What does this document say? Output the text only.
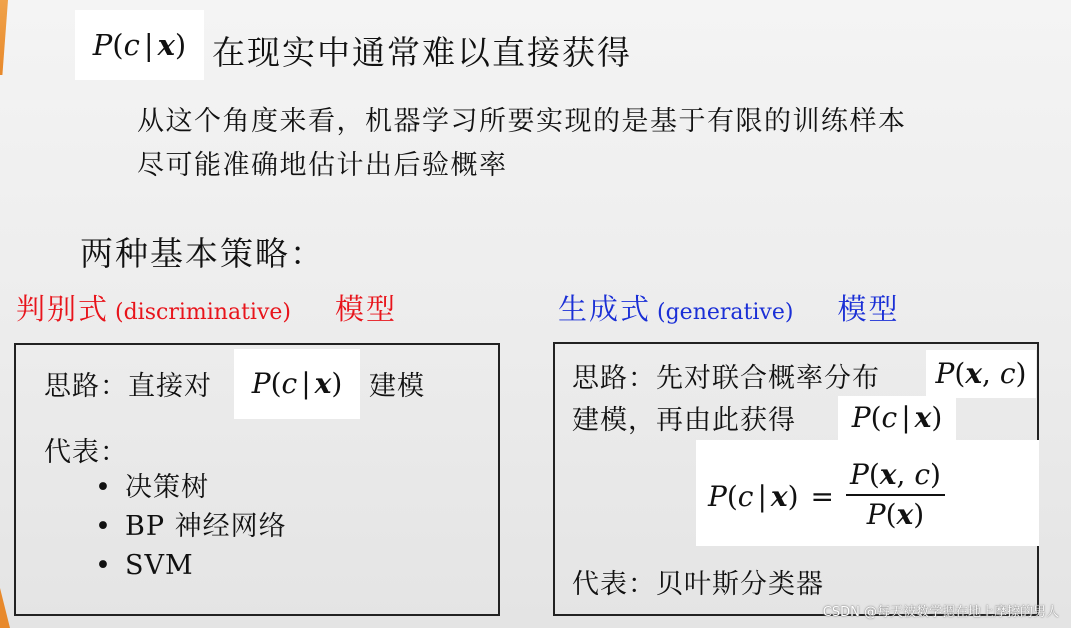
P(c | x) 在现实中通常难以直接获得
从这个角度来看，机器学习所要实现的是基于有限的训练样本
尽可能准确地估计出后验概率
两种基本策略：
判别式 (discriminative) 模型	生成式 (generative) 模型
思路：直接对	P(c | x) 建模
代表：
• 决策树
• BP 神经网络
• SVM
思路：先对联合概率分布	P(x, c)
建模，再由此获得	P(c | x)
P(c | $x) = \frac{P(x, c)}{P(x)}$
代表：贝叶斯分类器
CSDN @每天被数学摁在地上摩擦的男人
